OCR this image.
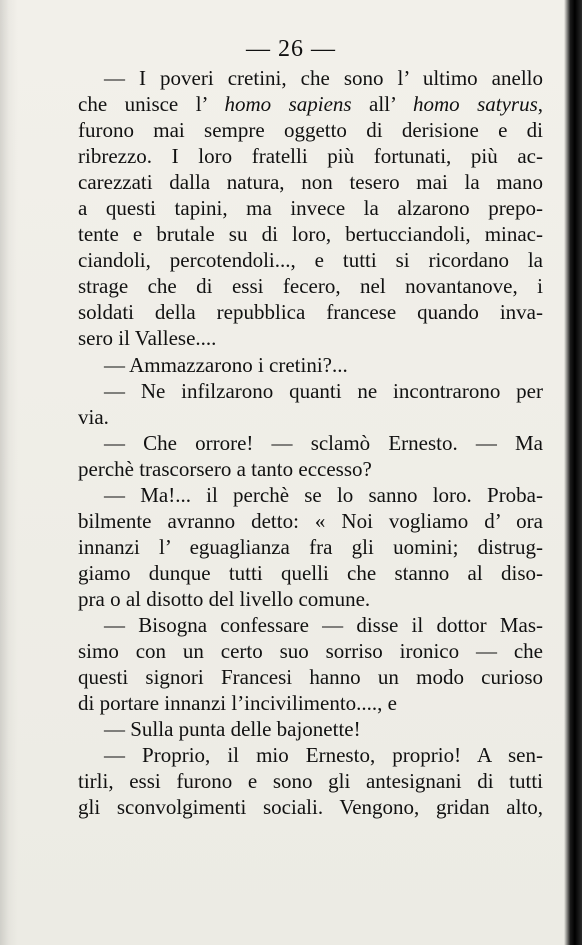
— 26 —
— I poveri cretini, che sono l’ ultimo anello
che unisce l’ homo sapiens all’ homo satyrus,
furono mai sempre oggetto di derisione e di
ribrezzo. I loro fratelli più fortunati, più ac-
carezzati dalla natura, non tesero mai la mano
a questi tapini, ma invece la alzarono prepo-
tente e brutale su di loro, bertucciandoli, minac-
ciandoli, percotendoli..., e tutti si ricordano la
strage che di essi fecero, nel novantanove, i
soldati della repubblica francese quando inva-
sero il Vallese....
— Ammazzarono i cretini?...
— Ne infilzarono quanti ne incontrarono per
via.
— Che orrore! — sclamò Ernesto. — Ma
perchè trascorsero a tanto eccesso?
— Ma!... il perchè se lo sanno loro. Proba-
bilmente avranno detto: « Noi vogliamo d’ ora
innanzi l’ eguaglianza fra gli uomini; distrug-
giamo dunque tutti quelli che stanno al diso-
pra o al disotto del livello comune.
— Bisogna confessare — disse il dottor Mas-
simo con un certo suo sorriso ironico — che
questi signori Francesi hanno un modo curioso
di portare innanzi l’incivilimento...., e
— Sulla punta delle bajonette!
— Proprio, il mio Ernesto, proprio! A sen-
tirli, essi furono e sono gli antesignani di tutti
gli sconvolgimenti sociali. Vengono, gridan alto,
